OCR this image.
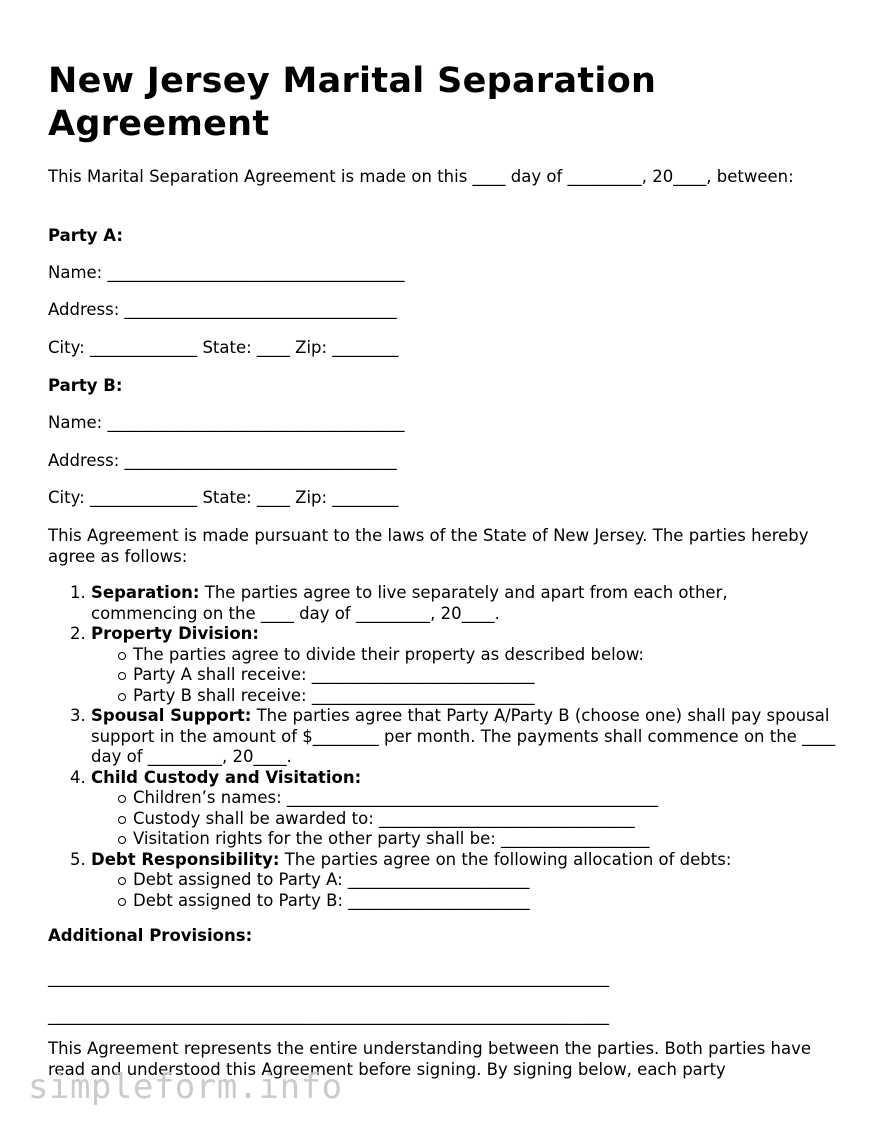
New Jersey Marital Separation Agreement

This Marital Separation Agreement is made on this ____ day of _________, 20____, between:

Party A:

Name: ____________________________________

Address: _________________________________

City: _____________ State: ____ Zip: ________

Party B:

Name: ____________________________________

Address: _________________________________

City: _____________ State: ____ Zip: ________

This Agreement is made pursuant to the laws of the State of New Jersey. The parties hereby agree as follows:

1. Separation: The parties agree to live separately and apart from each other, commencing on the ____ day of _________, 20____.
2. Property Division:
The parties agree to divide their property as described below:
Party A shall receive: ___________________________
Party B shall receive: ___________________________
3. Spousal Support: The parties agree that Party A/Party B (choose one) shall pay spousal support in the amount of $________ per month. The payments shall commence on the ____ day of _________, 20____.
4. Child Custody and Visitation:
Children’s names: _____________________________________________
Custody shall be awarded to: _______________________________
Visitation rights for the other party shall be: __________________
5. Debt Responsibility: The parties agree on the following allocation of debts:
Debt assigned to Party A: ______________________
Debt assigned to Party B: ______________________

Additional Provisions:

____________________________________________________________________

____________________________________________________________________

This Agreement represents the entire understanding between the parties. Both parties have read and understood this Agreement before signing. By signing below, each party

simpleform.info
